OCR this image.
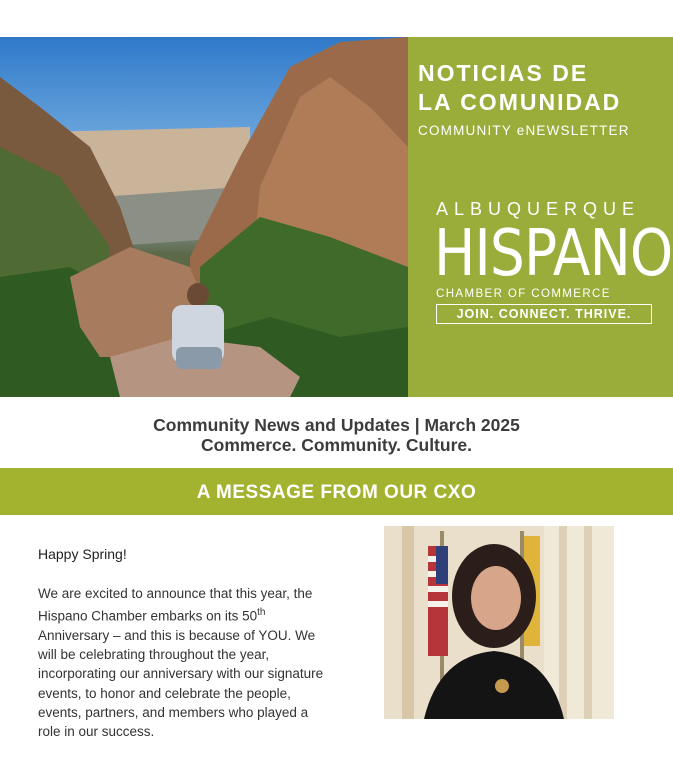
NOTICIAS DE
LA COMUNIDAD
COMMUNITY eNEWSLETTER
ALBUQUERQUE
HISPANO
CHAMBER OF COMMERCE
JOIN. CONNECT. THRIVE.
Community News and Updates | March 2025
Commerce. Community. Culture.
A MESSAGE FROM OUR CXO
Happy Spring!
We are excited to announce that this year, the Hispano Chamber embarks on its 50th Anniversary – and this is because of YOU. We will be celebrating throughout the year, incorporating our anniversary with our signature events, to honor and celebrate the people, events, partners, and members who played a role in our success.
